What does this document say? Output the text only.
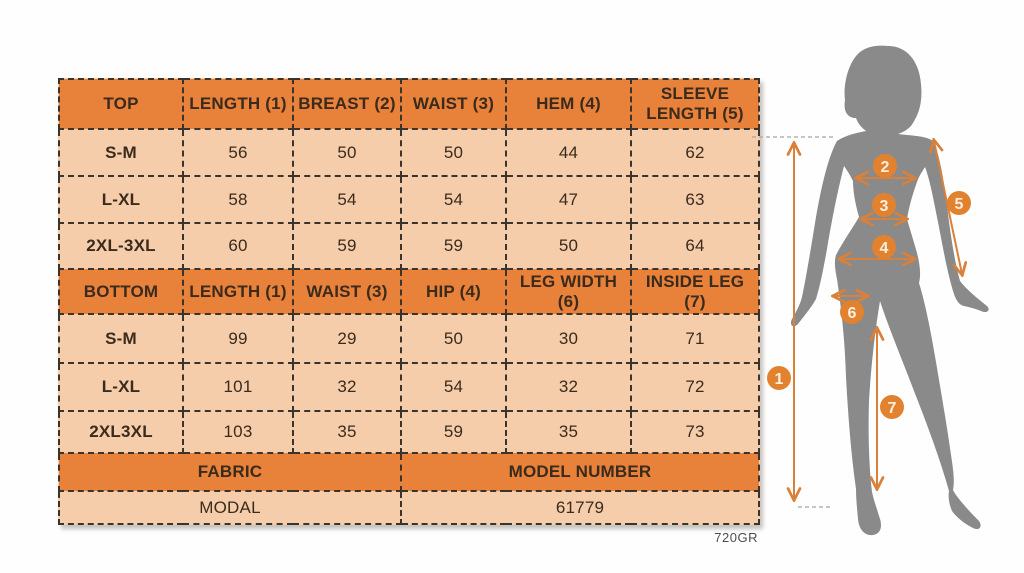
TOP	LENGTH (1)	BREAST (2)	WAIST (3)	HEM (4)	SLEEVE LENGTH (5)
S-M	56	50	50	44	62
L-XL	58	54	54	47	63
2XL-3XL	60	59	59	50	64
BOTTOM	LENGTH (1)	WAIST (3)	HIP (4)	LEG WIDTH (6)	INSIDE LEG (7)
S-M	99	29	50	30	71
L-XL	101	32	54	32	72
2XL3XL	103	35	59	35	73
FABRIC			MODEL NUMBER		
MODAL			61779		
720GR
1
2
3
4
5
6
7
